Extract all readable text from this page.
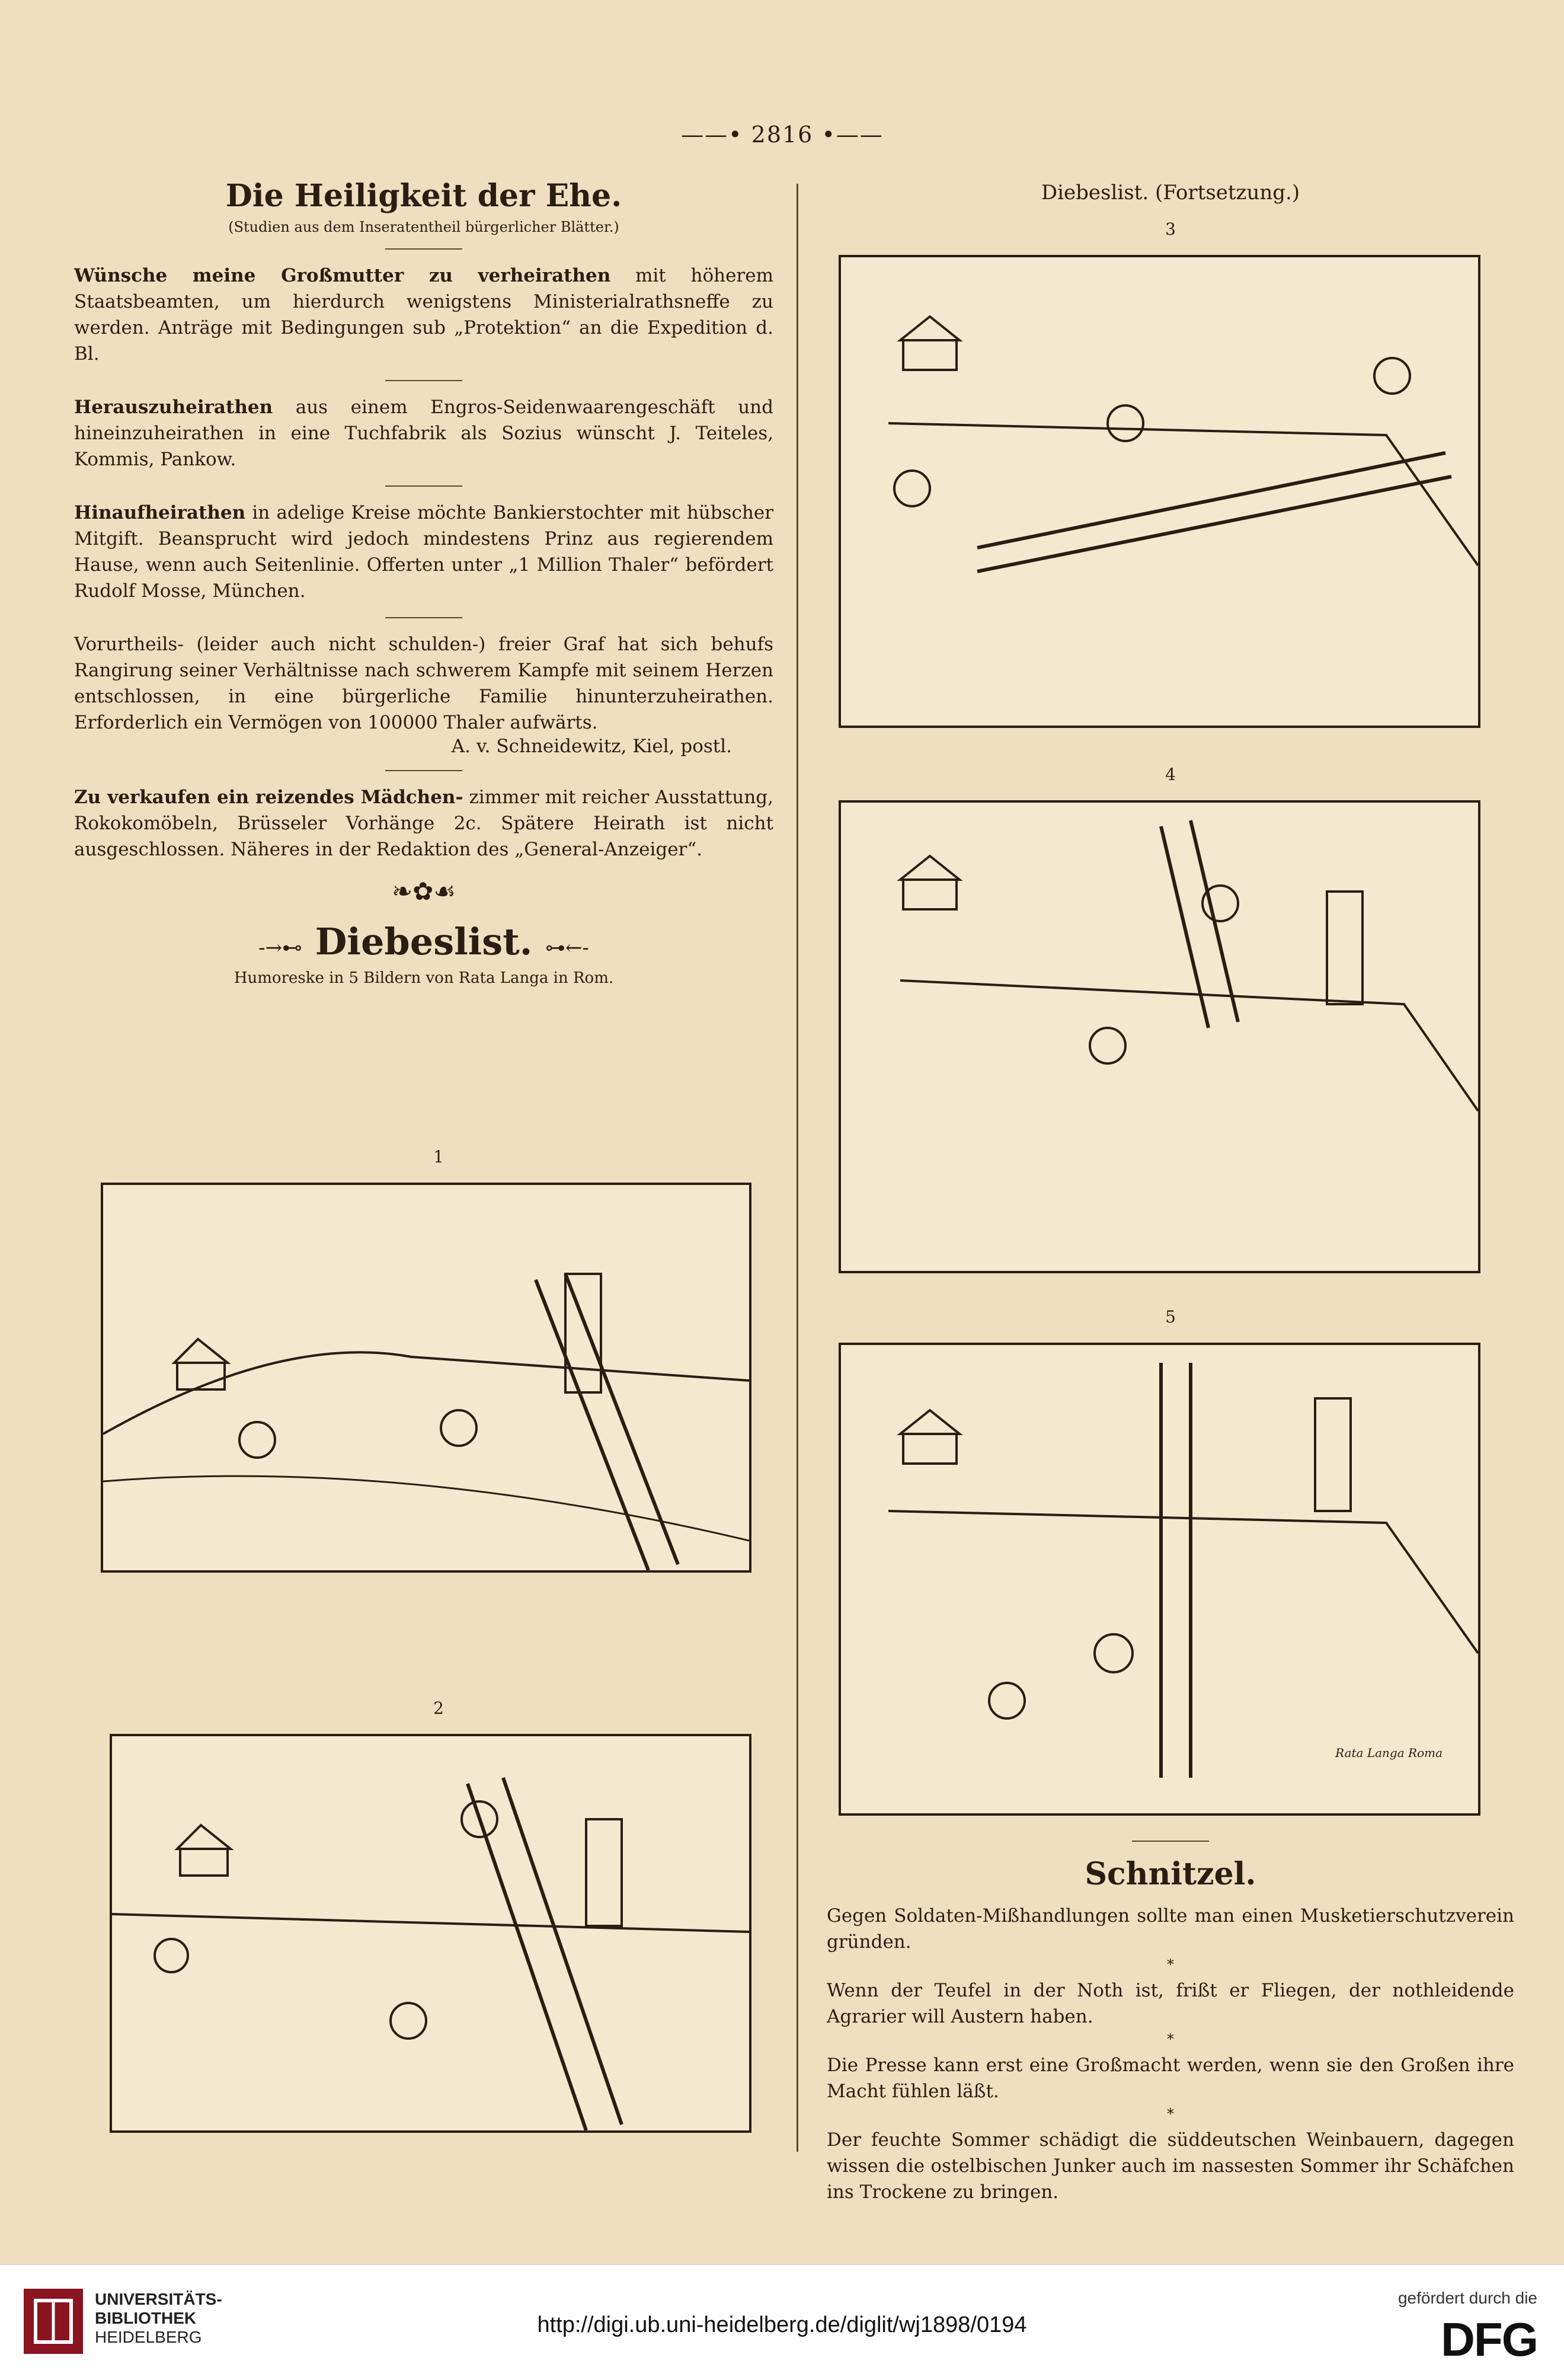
——• 2816 •——
Die Heiligkeit der Ehe.
(Studien aus dem Inseratentheil bürgerlicher Blätter.)

Wünsche meine Großmutter zu verheirathen mit höherem Staatsbeamten, um hierdurch wenigstens Ministerialrathsneffe zu werden. Anträge mit Bedingungen sub „Protektion“ an die Expedition d. Bl.

Herauszuheirathen aus einem Engros-Seidenwaarengeschäft und hineinzuheirathen in eine Tuchfabrik als Sozius wünscht J. Teiteles, Kommis, Pankow.

Hinaufheirathen in adelige Kreise möchte Bankierstochter mit hübscher Mitgift. Beansprucht wird jedoch mindestens Prinz aus regierendem Hause, wenn auch Seitenlinie. Offerten unter „1 Million Thaler“ befördert Rudolf Mosse, München.

Vorurtheils- (leider auch nicht schulden-) freier Graf hat sich behufs Rangirung seiner Verhältnisse nach schwerem Kampfe mit seinem Herzen entschlossen, in eine bürgerliche Familie hinunterzuheirathen. Erforderlich ein Vermögen von 100000 Thaler aufwärts.

A. v. Schneidewitz, Kiel, postl.

Zu verkaufen ein reizendes Mädchen- zimmer mit reicher Ausstattung, Rokokomöbeln, Brüsseler Vorhänge 2c. Spätere Heirath ist nicht ausgeschlossen. Näheres in der Redaktion des „General-Anzeiger“.

❧✿☙
-→⊷ Diebeslist. ⊶←-
Humoreske in 5 Bildern von Rata Langa in Rom.
1
2
Diebeslist. (Fortsetzung.)
3
4
5
Rata Langa Roma
Schnitzel.

Gegen Soldaten-Mißhandlungen sollte man einen Musketierschutzverein gründen.

*

Wenn der Teufel in der Noth ist, frißt er Fliegen, der nothleidende Agrarier will Austern haben.

*

Die Presse kann erst eine Großmacht werden, wenn sie den Großen ihre Macht fühlen läßt.

*

Der feuchte Sommer schädigt die süddeutschen Weinbauern, dagegen wissen die ostelbischen Junker auch im nassesten Sommer ihr Schäfchen ins Trockene zu bringen.

UNIVERSITÄTS-
BIBLIOTHEK
HEIDELBERG	http://digi.ub.uni-heidelberg.de/diglit/wj1898/0194
gefördert durch die
DFG
